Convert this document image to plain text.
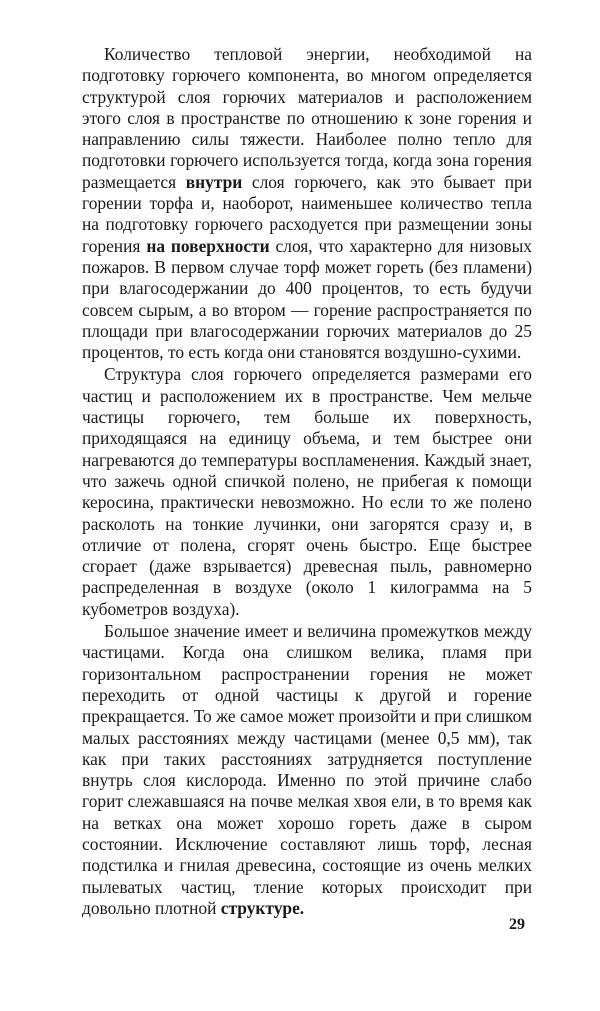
Количество тепловой энергии, необходимой на подготовку горючего компонента, во многом определяется структурой слоя горючих материалов и расположением этого слоя в пространстве по отношению к зоне горения и направлению силы тяжести. Наиболее полно тепло для подготовки горючего используется тогда, когда зона горения размещается внутри слоя горючего, как это бывает при горении торфа и, наоборот, наименьшее количество тепла на подготовку горючего расходуется при размещении зоны горения на поверхности слоя, что характерно для низовых пожаров. В первом случае торф может гореть (без пламени) при влагосодержании до 400 процентов, то есть будучи совсем сырым, а во втором — горение распространяется по площади при влагосодержании горючих материалов до 25 процентов, то есть когда они становятся воздушно-сухими.

Структура слоя горючего определяется размерами его частиц и расположением их в пространстве. Чем мельче частицы горючего, тем больше их поверхность, приходящаяся на единицу объема, и тем быстрее они нагреваются до температуры воспламенения. Каждый знает, что зажечь одной спичкой полено, не прибегая к помощи керосина, практически невозможно. Но если то же полено расколоть на тонкие лучинки, они загорятся сразу и, в отличие от полена, сгорят очень быстро. Еще быстрее сгорает (даже взрывается) древесная пыль, равномерно распределенная в воздухе (около 1 килограмма на 5 кубометров воздуха).

Большое значение имеет и величина промежутков между частицами. Когда она слишком велика, пламя при горизонтальном распространении горения не может переходить от одной частицы к другой и горение прекращается. То же самое может произойти и при слишком малых расстояниях между частицами (менее 0,5 мм), так как при таких расстояниях затрудняется поступление внутрь слоя кислорода. Именно по этой причине слабо горит слежавшаяся на почве мелкая хвоя ели, в то время как на ветках она может хорошо гореть даже в сыром состоянии. Исключение составляют лишь торф, лесная подстилка и гнилая древесина, состоящие из очень мелких пылеватых частиц, тление которых происходит при довольно плотной структуре.

29
